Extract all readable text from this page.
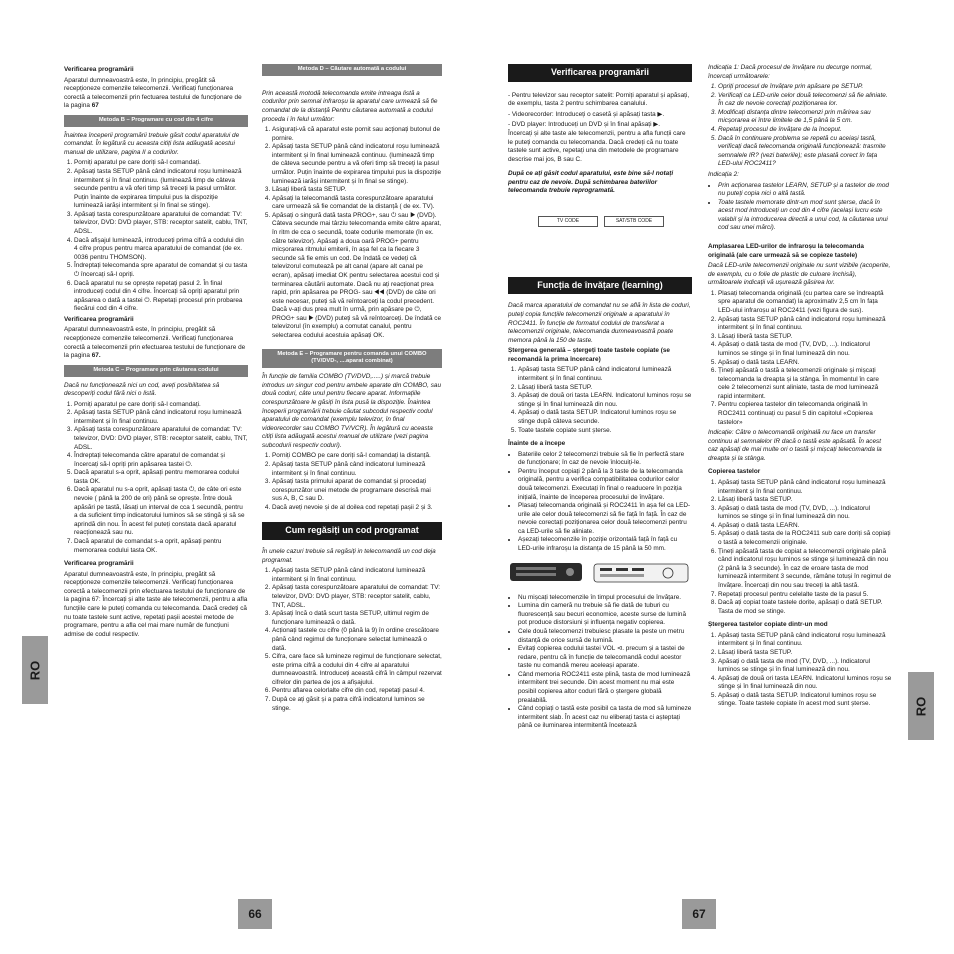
Verificarea programării

Aparatul dumneavoastră este, în principiu, pregătit să recepționeze comenzile telecomenzii. Verificați funcționarea corectă a telecomenzii prin fectuarea testului de funcționare de la pagina 67

Metoda B – Programare cu cod din 4 cifre

Înaintea începerii programării trebuie găsit codul aparatului de comandat. În legătură cu aceasta citiți lista adăugată acestui manual de utilizare, pagina II a codurilor.

1. Porniți aparatul pe care doriți să-l comandați.
2. Apăsați tasta SETUP până când indicatorul roșu luminează intermitent și în final continuu. (luminează timp de câteva secunde pentru a vă oferi timp să treceți la pasul următor. Puțin înainte de expirarea timpului pus la dispoziție luminează iarăși intermitent și în final se stinge).
3. Apăsați tasta corespunzătoare aparatului de comandat: TV: televizor, DVD: DVD player, STB: receptor satelit, cablu, TNT, ADSL.
4. Dacă afișajul luminează, introduceți prima cifră a codului din 4 cifre propus pentru marca aparatului de comandat (de ex. 0036 pentru THOMSON).
5. Îndreptați telecomanda spre aparatul de comandat și cu tasta ⏻ încercați să-l opriți.
6. Dacă aparatul nu se oprește repetați pasul 2. În final introduceți codul din 4 cifre. Încercați să opriți aparatul prin apăsarea o dată a tastei ⏻. Repetați procesul prin probarea fiecărui cod din 4 cifre.

Verificarea programării

Aparatul dumneavoastră este, în principiu, pregătit să recepționeze comenzile telecomenzii. Verificați funcționarea corectă a telecomenzii prin efectuarea testului de funcționare de la pagina 67.

Metoda C – Programare prin căutarea codului

Dacă nu funcționează nici un cod, aveți posibilitatea să descoperiți codul fără nici o listă.

1. Porniți aparatul pe care doriți să-l comandați.
2. Apăsați tasta SETUP până când indicatorul roșu luminează intermitent și în final continuu.
3. Apăsați tasta corespunzătoare aparatului de comandat: TV: televizor, DVD: DVD player, STB: receptor satelit, cablu, TNT, ADSL.
4. Îndreptați telecomanda către aparatul de comandat și încercați să-l opriți prin apăsarea tastei ⏻.
5. Dacă aparatul s-a oprit, apăsați pentru memorarea codului tasta OK.
6. Dacă aparatul nu s-a oprit, apăsați tasta ⏻, de câte ori este nevoie ( până la 200 de ori) până se oprește. Între două apăsări pe tastă, lăsați un interval de cca 1 secundă, pentru a da suficient timp indicatorului luminos să se stingă și să se aprindă din nou. În acest fel puteți constata dacă aparatul reacționează sau nu.
7. Dacă aparatul de comandat s-a oprit, apăsați pentru memorarea codului tasta OK.

Verificarea programării

Aparatul dumneavoastră este, în principiu, pregătit să recepționeze comenzile telecomenzii. Verificați funcționarea corectă a telecomenzii prin efectuarea testului de funcționare de la pagina 67: Încercați și alte taste ale telecomenzii, pentru a afla funcțiile care le puteți comanda cu telecomanda. Dacă credeți că nu toate tastele sunt active, repetați pașii acestei metode de programare, pentru a afla cel mai mare număr de funcțiuni admise de codul respectiv.

Metoda D – Căutare automată a codului

Prin această motodă telecomanda emite intreaga listă a codurilor prin semnal infraroșu la aparatul care urmează să fie comandat de la distanță Pentru căutarea automată a codului proceda i în felul următor:

1. Asigurați-vă că aparatul este pornit sau acționați butonul de pornire.
2. Apăsați tasta SETUP până când indicatorul roșu luminează intermitent și în final luminează continuu. (luminează timp de câteva secunde pentru a vă oferi timp să treceți la pasul următor. Puțin înainte de expirarea timpului pus la dispoziție luminează iarăși intermitent și în final se stinge).
3. Lăsați liberă tasta SETUP.
4. Apăsați la telecomandă tasta corespunzătoare aparatului care urmează să fie comandat de la distanță ( de ex. TV).
5. Apăsați o singură dată tasta PROG+, sau ⏻ sau ▶ (DVD). Câteva secunde mai târziu telecomanda emite câtre aparat, în ritm de cca o secundă, toate codurile memorate (în ex. către televizor). Apăsați a doua oară PROG+ pentru micșorarea ritmului emiterii, în așa fel ca la fiecare 3 secunde să fie emis un cod. De îndată ce vedeți că televizorul comutează pe alt canal (apare alt canal pe ecran), apăsați imediat OK pentru selectarea acestui cod și terminarea căutării automate. Dacă nu ați reacționat prea rapid, prin apăsarea pe PROG- sau ◀◀ (DVD) de câte ori este necesar, puteți să vă reîntoarceți la codul precedent. Dacă v-ați dus prea mult în urmă, prin apăsare pe ⏻, PROG+ sau ▶ (DVD) puteți să vă reîntoarceți. De îndată ce televizorul (în exemplu) a comutat canalul, pentru selectarea codului acestuia apăsați OK.
Metoda E – Programare pentru comanda unui COMBO (TV/DVD-, ....aparat combinat)

În funcție de familia COMBO (TV/DVD,.....) și marcă trebuie introdus un singur cod pentru ambele aparate din COMBO, sau două coduri, câte unul pentru fiecare aparat. Informațiile corespunzătoare le găsiți în lista pusă la dispoziție. Înaintea începerii programării trebuie căutat subcodul respectiv codul aparatului de comandat (exemplu televizor, în final videorecorder sau COMBO TV/VCR). În legătură cu aceasta citiți lista adăugată acestui manual de utilizare (vezi pagina subcodurii respectiv coduri).

1. Porniți COMBO pe care doriți să-l comandați la distanță.
2. Apăsați tasta SETUP până când indicatorul luminează intermitent și în final continuu.
3. Apăsați tasta primului aparat de comandat și procedați corespunzător unei metode de programare descrisă mai sus A, B, C sau D.
4. Dacă aveți nevoie și de al doilea cod repetați pașii 2 și 3.
Cum regăsiți un cod programat

În unele cazuri trebuie să regăsiți in telecomandă un cod deja programat.

1. Apăsați tasta SETUP până când indicatorul luminează intermitent și în final continuu.
2. Apăsați tasta corespunzătoare aparatului de comandat: TV: televizor, DVD: DVD player, STB: receptor satelit, cablu, TNT, ADSL.
3. Apăsați încă o dată scurt tasta SETUP, ultimul regim de funcționare luminează o dată.
4. Acționați tastele cu cifre (0 până la 9) în ordine crescătoare până când regimul de funcționare selectat luminează o dată.
5. Cifra, care face să lumineze regimul de funcționare selectat, este prima cifră a codului din 4 cifre al aparatului dumneavoastră. Introduceți această cifră în câmpul rezervat cifrelor din partea de jos a afișajului.
6. Pentru aflarea celorlalte cifre din cod, repetați pasul 4.
7. Dupâ ce ați găsit și a patra cifră indicatorul luminos se stinge.
Verificarea programării

- Pentru televizor sau receptor satelit: Porniți aparatul și apăsați, de exemplu, tasta 2 pentru schimbarea canalului.

- Videorecorder: Introduceți o casetă și apăsați tasta ▶.

- DVD player: Introduceți un DVD și în final apăsați ▶.

Încercați și alte taste ale telecomenzii, pentru a afla funcții care le puteți comanda cu telecomanda. Dacă credeți că nu toate tastele sunt active, repetați una din metodele de programare descrise mai jos, B sau C.

După ce ați găsit codul aparatului, este bine să-l notați pentru caz de nevoie. După schimbarea bateriilor telecomanda trebuie reprogramată.

TV CODE	SAT/STB CODE
Funcția de învățare (learning)

Dacă marca aparatului de comandat nu se află în lista de coduri, puteți copia funcțiile telecomenzii originale a aparatului în ROC2411. În funcție de formatul codului de transferat a telecomenzii originale, telecomanda dumneavoastră poate memora până la 150 de taste.

Ștergerea generală – ștergeți toate tastele copiate (se recomandă la prima încercare)

1. Apăsați tasta SETUP până când indicatorul luminează intermitent și în final continuu.
2. Lăsați liberă tasta SETUP.
3. Apăsați de două ori tasta LEARN. Indicatorul luminos roșu se stinge și în final luminează din nou.
4. Apăsați o dată tasta SETUP. Indicatorul luminos roșu se stinge după câteva secunde.
5. Toate tastele copiate sunt șterse.

Înainte de a începe

• Bateriile celor 2 telecomenzi trebuie să fie în perfectă stare de funcționare; în caz de nevoie înlocuiți-le.
• Pentru început copiați 2 până la 3 taste de la telecomanda originală, pentru a verifica compatibilitatea codurilor celor două telecomenzi. Executați în final o readucere în poziția inițială, înainte de începerea procesului de învățare.
• Plasați telecomanda originală și ROC2411 în așa fel ca LED-urile ale celor două telecomenzi să fie față în față. În caz de nevoie corectați poziționarea celor două telecomenzi pentru ca LED-urile să fie aliniate.
• Așezați telecomenzile în poziție orizontală față în față cu LED-urile infraroșu la distanța de 15 până la 50 mm.
• Nu mișcați telecomenzile în timpul procesului de învățare.
• Lumina din cameră nu trebuie să fie dată de tuburi cu fluorescență sau becuri economice, aceste surse de lumină pot produce distorsiuni și influența negativ copierea.
• Cele două telecomenzi trebuiesc plasate la peste un metru distanță de orice sursă de lumină.
• Evitați copierea codului tastei VOL ⊲. precum și a tastei de redare, pentru că în funcție de telecomandă codul acestor taste nu comandă mereu aceleași aparate.
• Când memoria ROC2411 este plină, tasta de mod luminează intermitent trei secunde. Din acest moment nu mai este posibil copierea altor coduri fără o ștergere globală prealabilă.
• Când copiați o tastă este posibil ca tasta de mod să lumineze intermitent slab. În acest caz nu eliberați tasta ci așteptați până ce iluminarea intermitentă încetează

Indicația 1: Dacă procesul de învățare nu decurge normal, încercați următoarele:

1. Opriți procesul de învățare prin apăsare pe SETUP.
2. Verificați ca LED-urile celor două telecomenzi să fie aliniate. În caz de nevoie corectați poziționarea lor.
3. Modificați distanța dintre telecomenzi prin mărirea sau micșorarea ei între limitele de 1,5 până la 5 cm.
4. Repetați procesul de învățare de la început.
5. Dacă în continuare problema se repetă cu aceiași tastă, verificați dacă telecomanda originală funcționează: trasmite semnalele IR? (vezi bateriile); este plasată corect în fața LED-ului ROC2411?

Indicația 2:

• Prin acționarea tastelor LEARN, SETUP și a tastelor de mod nu puteți copia nici o altă tastă.
• Toate tastele memorate dintr-un mod sunt șterse, dacă în acest mod introduceți un cod din 4 cifre (același lucru este valabil și la introducerea directă a unui cod, la căutarea unui cod sau unei mărci).

Amplasarea LED-urilor de infraroșu la telecomanda originală (ale care urmează să se copieze tastele)

Dacă LED-urile telecomenzii originale nu sunt vizibile (acoperite, de exemplu, cu o folie de plastic de culoare închisă), următoarele indicații vă ușurează găsirea lor.

1. Plasați telecomanda originală (cu partea care se îndreaptă spre aparatul de comandat) la aproximativ 2,5 cm în fața LED-ului infraroșu al ROC2411 (vezi figura de sus).
2. Apăsați tasta SETUP până când indicatorul roșu luminează intermitent și în final continuu.
3. Lăsați liberă tasta SETUP.
4. Apăsați o dată tasta de mod (TV, DVD, ...). Indicatorul luminos se stinge și în final luminează din nou.
5. Apăsați o dată tasta LEARN.
6. Țineți apăsată o tastă a telecomenzii originale și mișcați telecomanda la dreapta și la stânga. În momentul în care cele 2 telecomenzi sunt aliniate, tasta de mod luminează rapid intermitent.
7. Pentru copierea tastelor din telecomanda originală în ROC2411 continuați cu pasul 5 din capitolul «Copierea tastelor»

Indicație: Către o telecomandă originală nu face un transfer continuu al semnalelor IR dacă o tastă este apăsată. În acest caz apăsați de mai multe ori o tastă și mișcați telecomanda la dreapta și la stânga.

Copierea tastelor

1. Apăsați tasta SETUP până când indicatorul roșu luminează intermitent și în final continuu.
2. Lăsați liberă tasta SETUP.
3. Apăsați o dată tasta de mod (TV, DVD, ...). Indicatorul luminos se stinge și în final luminează din nou.
4. Apăsați o dată tasta LEARN.
5. Apăsați o dată tasta de la ROC2411 sub care doriți să copiați o tastă a telecomenzii originale.
6. Țineți apăsată tasta de copiat a telecomenzii originale până când indicatorul roșu luminos se stinge și luminează din nou (2 până la 3 secunde). În caz de eroare tasta de mod luminează intermitent 3 secunde, rămâne totuși în regimul de învățare. Încercați din nou sau treceți la altă tastă.
7. Repetați procesul pentru celelalte taste de la pasul 5.
8. Dacă ați copiat toate tastele dorite, apăsați o dată SETUP. Tasta de mod se stinge.

Ștergerea tastelor copiate dintr-un mod

1. Apăsați tasta SETUP până când indicatorul roșu luminează intermitent și în final continuu.
2. Lăsați liberă tasta SETUP.
3. Apăsați o dată tasta de mod (TV, DVD, ...). Indicatorul luminos se stinge și în final luminează din nou.
4. Apăsați de două ori tasta LEARN. Indicatorul luminos roșu se stinge și în final luminează din nou.
5. Apăsați o dată tasta SETUP. Indicatorul luminos roșu se stinge. Toate tastele copiate în acest mod sunt șterse.
RO
RO
66	67
